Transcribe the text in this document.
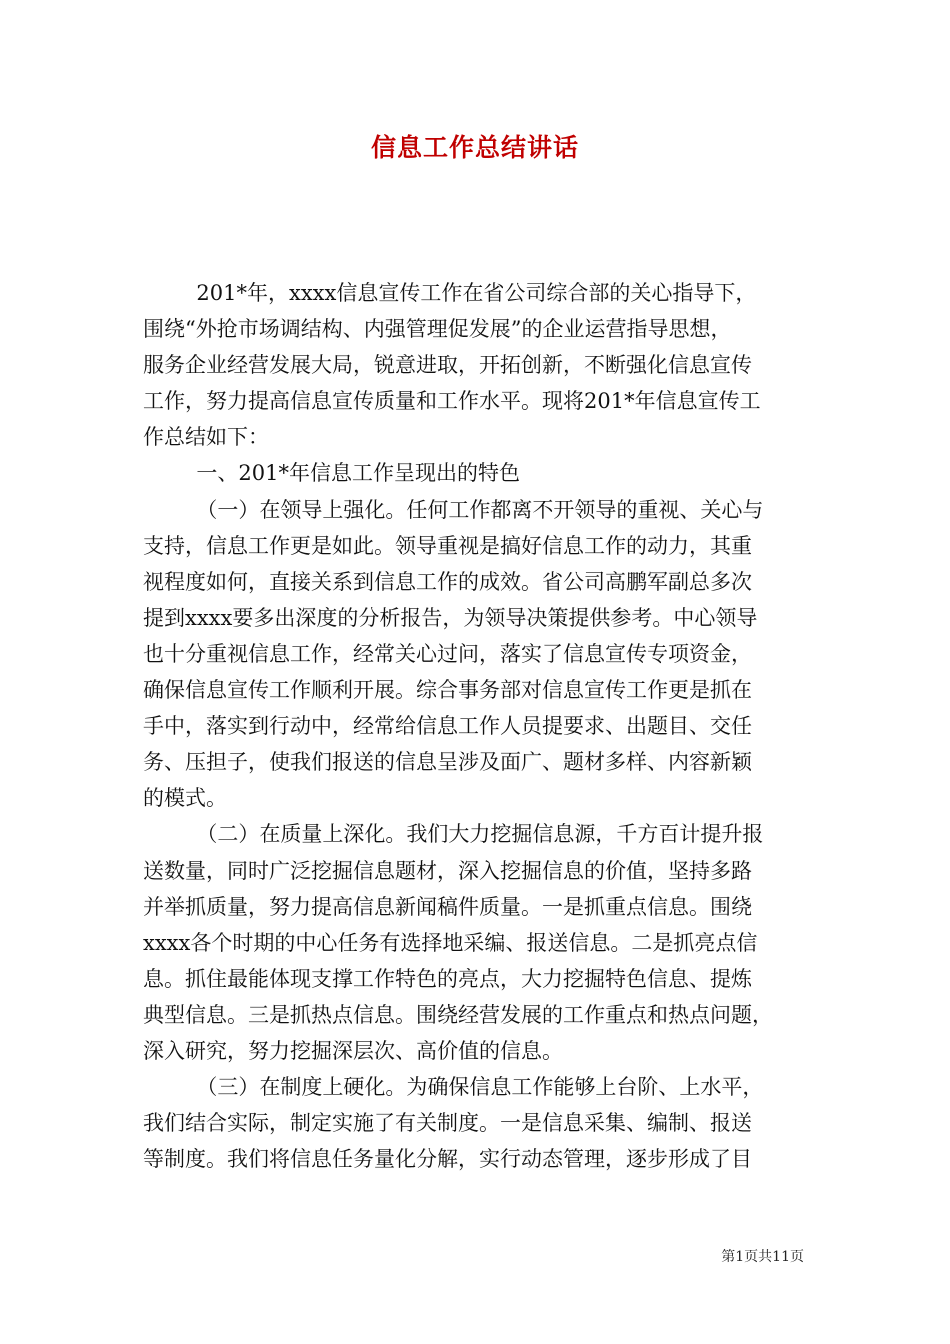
信息工作总结讲话
201*年，xxxx信息宣传工作在省公司综合部的关心指导下，
围绕“外抢市场调结构、内强管理促发展”的企业运营指导思想，
服务企业经营发展大局，锐意进取，开拓创新，不断强化信息宣传
工作，努力提高信息宣传质量和工作水平。现将201*年信息宣传工
作总结如下：
一、201*年信息工作呈现出的特色
（一）在领导上强化。任何工作都离不开领导的重视、关心与
支持，信息工作更是如此。领导重视是搞好信息工作的动力，其重
视程度如何，直接关系到信息工作的成效。省公司高鹏军副总多次
提到xxxx要多出深度的分析报告，为领导决策提供参考。中心领导
也十分重视信息工作，经常关心过问，落实了信息宣传专项资金，
确保信息宣传工作顺利开展。综合事务部对信息宣传工作更是抓在
手中，落实到行动中，经常给信息工作人员提要求、出题目、交任
务、压担子，使我们报送的信息呈涉及面广、题材多样、内容新颖
的模式。
（二）在质量上深化。我们大力挖掘信息源，千方百计提升报
送数量，同时广泛挖掘信息题材，深入挖掘信息的价值，坚持多路
并举抓质量，努力提高信息新闻稿件质量。一是抓重点信息。围绕
xxxx各个时期的中心任务有选择地采编、报送信息。二是抓亮点信
息。抓住最能体现支撑工作特色的亮点，大力挖掘特色信息、提炼
典型信息。三是抓热点信息。围绕经营发展的工作重点和热点问题，
深入研究，努力挖掘深层次、高价值的信息。
（三）在制度上硬化。为确保信息工作能够上台阶、上水平，
我们结合实际，制定实施了有关制度。一是信息采集、编制、报送
等制度。我们将信息任务量化分解，实行动态管理，逐步形成了目
第1页共11页
